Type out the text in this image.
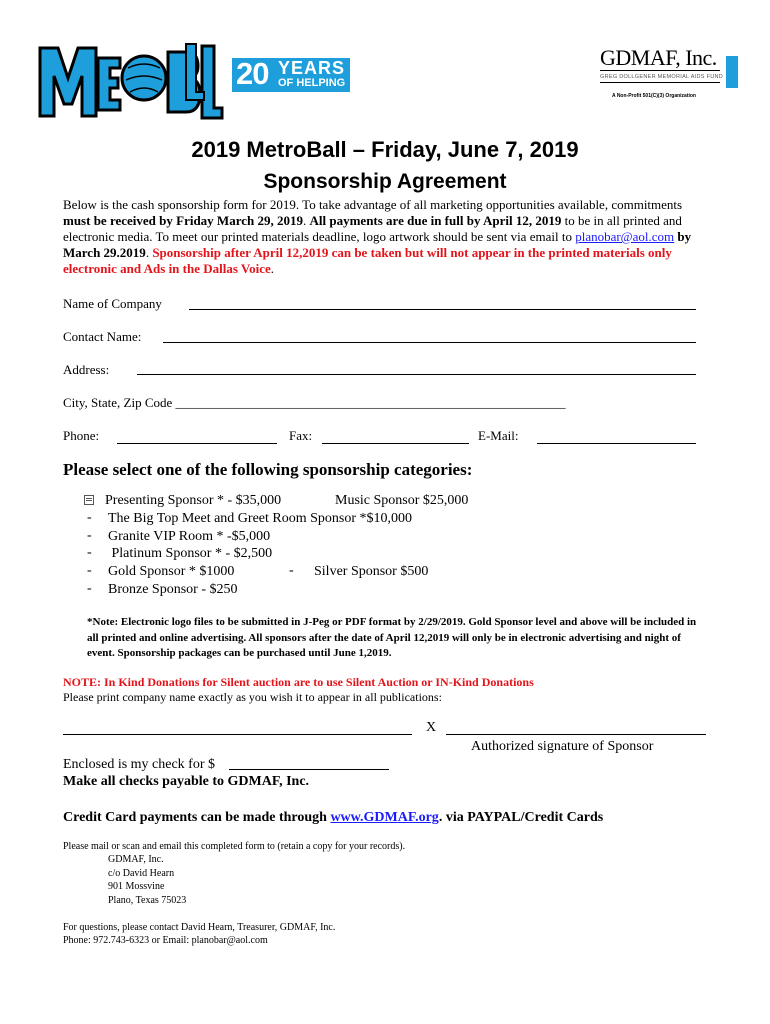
20 YEARS
OF HELPING
GDMAF, Inc.
GREG DOLLGENER MEMORIAL AIDS FUND
A Non-Profit 501(C)(3) Organization
2019 MetroBall – Friday, June 7, 2019
Sponsorship Agreement
Below is the cash sponsorship form for 2019. To take advantage of all marketing opportunities available, commitments must be received by Friday March 29, 2019. All payments are due in full by April 12, 2019 to be in all printed and electronic media. To meet our printed materials deadline, logo artwork should be sent via email to planobar@aol.com by March 29.2019. Sponsorship after April 12,2019 can be taken but will not appear in the printed materials only electronic and Ads in the Dallas Voice.
Name of Company
Contact Name:
Address:
City, State, Zip Code ____________________________________________________________
Phone:	Fax:	E-Mail:
Please select one of the following sponsorship categories:
Presenting Sponsor * - $35,000	Music Sponsor $25,000
- The Big Top Meet and Greet Room Sponsor *$10,000
- Granite VIP Room * -$5,000
- Platinum Sponsor * - $2,500
- Gold Sponsor * $1000	- Silver Sponsor $500
- Bronze Sponsor - $250
*Note: Electronic logo files to be submitted in J-Peg or PDF format by 2/29/2019. Gold Sponsor level and above will be included in all printed and online advertising. All sponsors after the date of April 12,2019 will only be in electronic advertising and night of event. Sponsorship packages can be purchased until June 1,2019.
NOTE: In Kind Donations for Silent auction are to use Silent Auction or IN-Kind Donations
Please print company name exactly as you wish it to appear in all publications:
X
Authorized signature of Sponsor
Enclosed is my check for $
Make all checks payable to GDMAF, Inc.
Credit Card payments can be made through www.GDMAF.org. via PAYPAL/Credit Cards
Please mail or scan and email this completed form to (retain a copy for your records).
GDMAF, Inc.
c/o David Hearn
901 Mossvine
Plano, Texas 75023
For questions, please contact David Hearn, Treasurer, GDMAF, Inc.
Phone: 972.743-6323 or Email: planobar@aol.com
